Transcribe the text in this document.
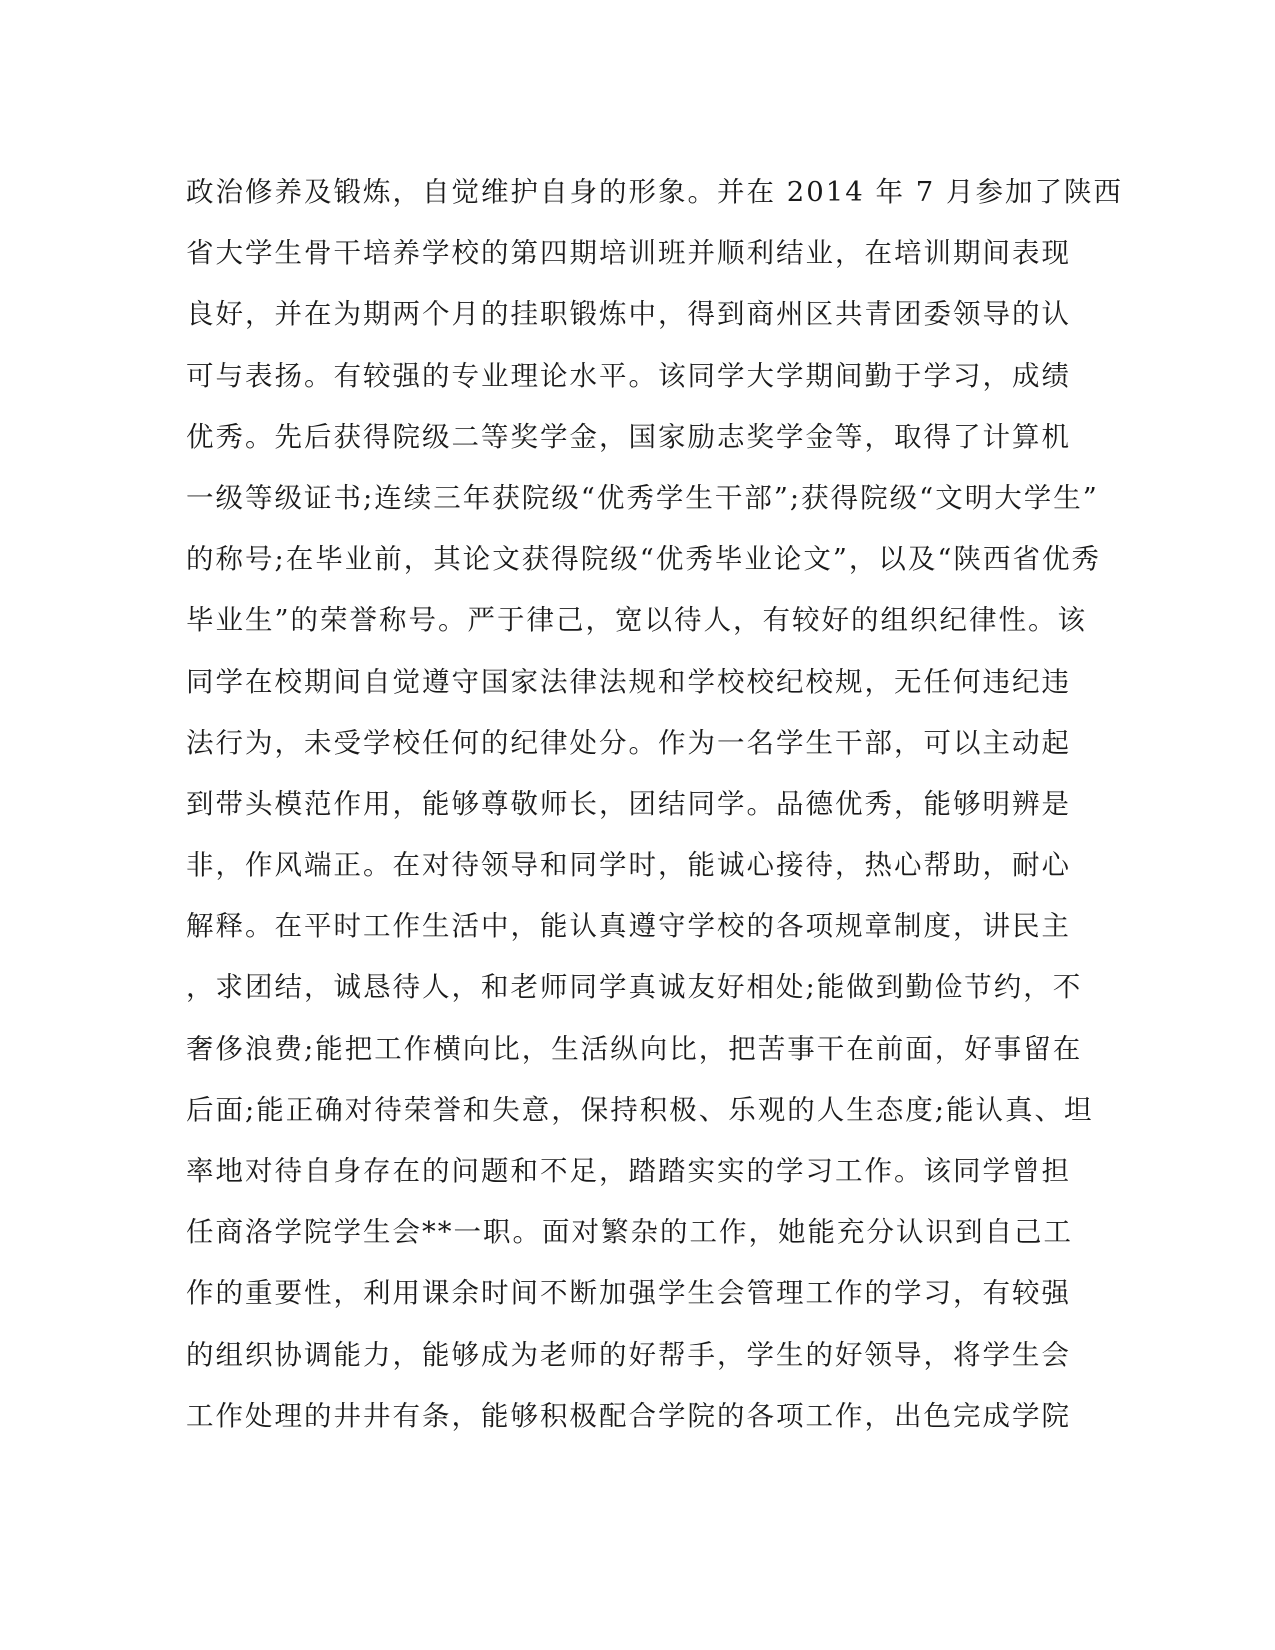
政治修养及锻炼，自觉维护自身的形象。并在 2014 年 7 月参加了陕西
省大学生骨干培养学校的第四期培训班并顺利结业，在培训期间表现
良好，并在为期两个月的挂职锻炼中，得到商州区共青团委领导的认
可与表扬。有较强的专业理论水平。该同学大学期间勤于学习，成绩
优秀。先后获得院级二等奖学金，国家励志奖学金等，取得了计算机
一级等级证书;连续三年获院级“优秀学生干部”;获得院级“文明大学生”
的称号;在毕业前，其论文获得院级“优秀毕业论文”，以及“陕西省优秀
毕业生”的荣誉称号。严于律己，宽以待人，有较好的组织纪律性。该
同学在校期间自觉遵守国家法律法规和学校校纪校规，无任何违纪违
法行为，未受学校任何的纪律处分。作为一名学生干部，可以主动起
到带头模范作用，能够尊敬师长，团结同学。品德优秀，能够明辨是
非，作风端正。在对待领导和同学时，能诚心接待，热心帮助，耐心
解释。在平时工作生活中，能认真遵守学校的各项规章制度，讲民主
，求团结，诚恳待人，和老师同学真诚友好相处;能做到勤俭节约，不
奢侈浪费;能把工作横向比，生活纵向比，把苦事干在前面，好事留在
后面;能正确对待荣誉和失意，保持积极、乐观的人生态度;能认真、坦
率地对待自身存在的问题和不足，踏踏实实的学习工作。该同学曾担
任商洛学院学生会**一职。面对繁杂的工作，她能充分认识到自己工
作的重要性，利用课余时间不断加强学生会管理工作的学习，有较强
的组织协调能力，能够成为老师的好帮手，学生的好领导，将学生会
工作处理的井井有条，能够积极配合学院的各项工作，出色完成学院
